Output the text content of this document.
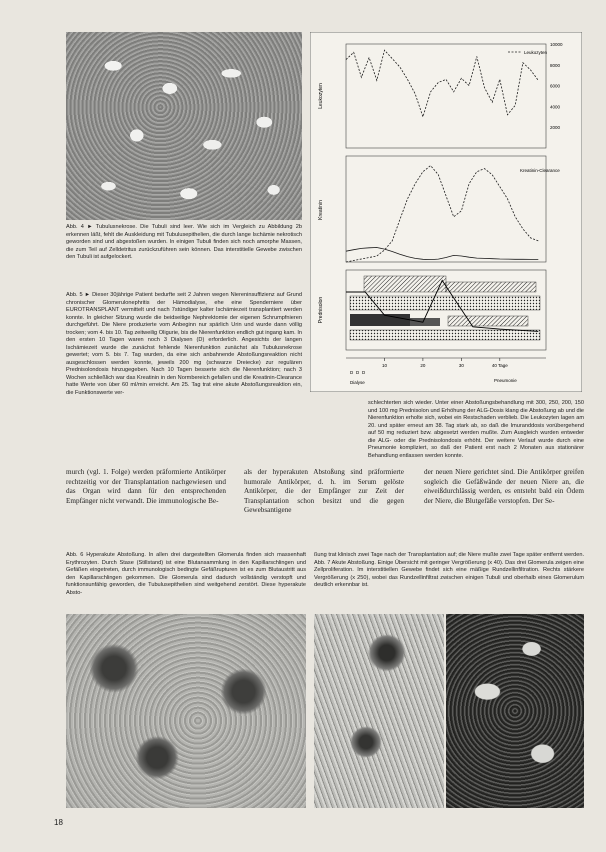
Abb. 4 ► Tubulusnekrose. Die Tubuli sind leer. Wie sich im Vergleich zu Abbildung 2b erkennen läßt, fehlt die Auskleidung mit Tubulusepithelien, die durch lange Ischämie nekrotisch geworden sind und abgestoßen wurden. In einigen Tubuli finden sich noch amorphe Massen, die zum Teil auf Zelldetritus zurückzuführen sein können. Das interstitielle Gewebe zwischen den Tubuli ist aufgelockert.

Abb. 5 ► Dieser 30jährige Patient bedurfte seit 2 Jahren wegen Niereninsuffizienz auf Grund chronischer Glomerulonephritis der Hämodialyse, ehe eine Spenderniere über EUROTRANSPLANT vermittelt und nach 7stündiger kalter Ischämiezeit transplantiert werden konnte. In gleicher Sitzung wurde die beidseitige Nephrektomie der eigenen Schrumpfnieren durchgeführt. Die Niere produzierte vom Anbeginn nur spärlich Urin und wurde dann völlig trocken; vom 4. bis 10. Tag zeitweilig Oligurie, bis die Nierenfunktion endlich gut ingang kam. In den ersten 10 Tagen waren noch 3 Dialysen (D) erforderlich. Angesichts der langen Ischämiezeit wurde die zunächst fehlende Nierenfunktion zunächst als Tubulusnekrose gewertet; vom 5. bis 7. Tag wurden, da eine sich anbahnende Abstoßungsreaktion nicht ausgeschlossen werden konnte, jeweils 200 mg (schwarze Dreiecke) zur regulären Prednisolondosis hinzugegeben. Nach 10 Tagen besserte sich die Nierenfunktion; nach 3 Wochen schließlich war das Kreatinin in den Normbereich gefallen und die Kreatinin-Clearance hatte Werte von über 60 ml/min erreicht. Am 25. Tag trat eine akute Abstoßungsreaktion ein, die Funktionswerte ver-

Leukozyten
Kreatinin
Prednisolon
Leukozyten
Kreatinin-Clearance
10000
8000
6000
4000
2000
10	20	30	40 Tage
D D D
Dialyse	Pneumonie

schlechterten sich wieder. Unter einer Abstoßungsbehandlung mit 300, 250, 200, 150 und 100 mg Prednisolon und Erhöhung der ALG-Dosis klang die Abstoßung ab und die Nierenfunktion erholte sich, wobei ein Restschaden verblieb. Die Leukozyten lagen am 20. und später erneut am 38. Tag stark ab, so daß die Imuranddosis vorübergehend auf 50 mg reduziert bzw. abgesetzt werden mußte. Zum Ausgleich wurden entweder die ALG- oder die Prednisolondosis erhöht. Der weitere Verlauf wurde durch eine Pneumonie kompliziert, so daß der Patient erst nach 2 Monaten aus stationärer Behandlung entlassen werden konnte.

murch (vgl. 1. Folge) werden präformierte Antikörper rechtzeitig vor der Transplantation nachgewiesen und das Organ wird dann für den entsprechenden Empfänger nicht verwandt. Die immunologische Be-

als der hyperakuten Abstoßung sind präformierte humorale Antikörper, d. h. im Serum gelöste Antikörper, die der Empfänger zur Zeit der Transplantation schon besitzt und die gegen Gewebsantigene

der neuen Niere gerichtet sind. Die Antikörper greifen sogleich die Gefäßwände der neuen Niere an, die eiweißdurchlässig werden, es entsteht bald ein Ödem der Niere, die Blutgefäße verstopfen. Der Se-

Abb. 6 Hyperakute Abstoßung. In allen drei dargestellten Glomerula finden sich massenhaft Erythrozyten. Durch Stase (Stillstand) ist eine Blutansammlung in den Kapillarschlingen und Gefäßen eingetreten, durch immunologisch bedingte Gefäßrupturen ist es zum Blutaustritt aus den Kapillarschlingen gekommen. Die Glomerula sind dadurch vollständig verstopft und funktionsunfähig geworden, die Tubulusepithelien sind weitgehend zerstört. Diese hyperakute Absto-

ßung trat klinisch zwei Tage nach der Transplantation auf; die Niere mußte zwei Tage später entfernt werden. Abb. 7 Akute Abstoßung. Einige Übersicht mit geringer Vergrößerung (x 40). Das drei Glomerula zeigen eine Zellproliferation. Im interstitiellen Gewebe findet sich eine mäßige Rundzellinfiltration. Rechts stärkere Vergrößerung (x 250), wobei das Rundzellinfiltrat zwischen einigen Tubuli und oberhalb eines Glomerulum deutlich erkennbar ist.

18
